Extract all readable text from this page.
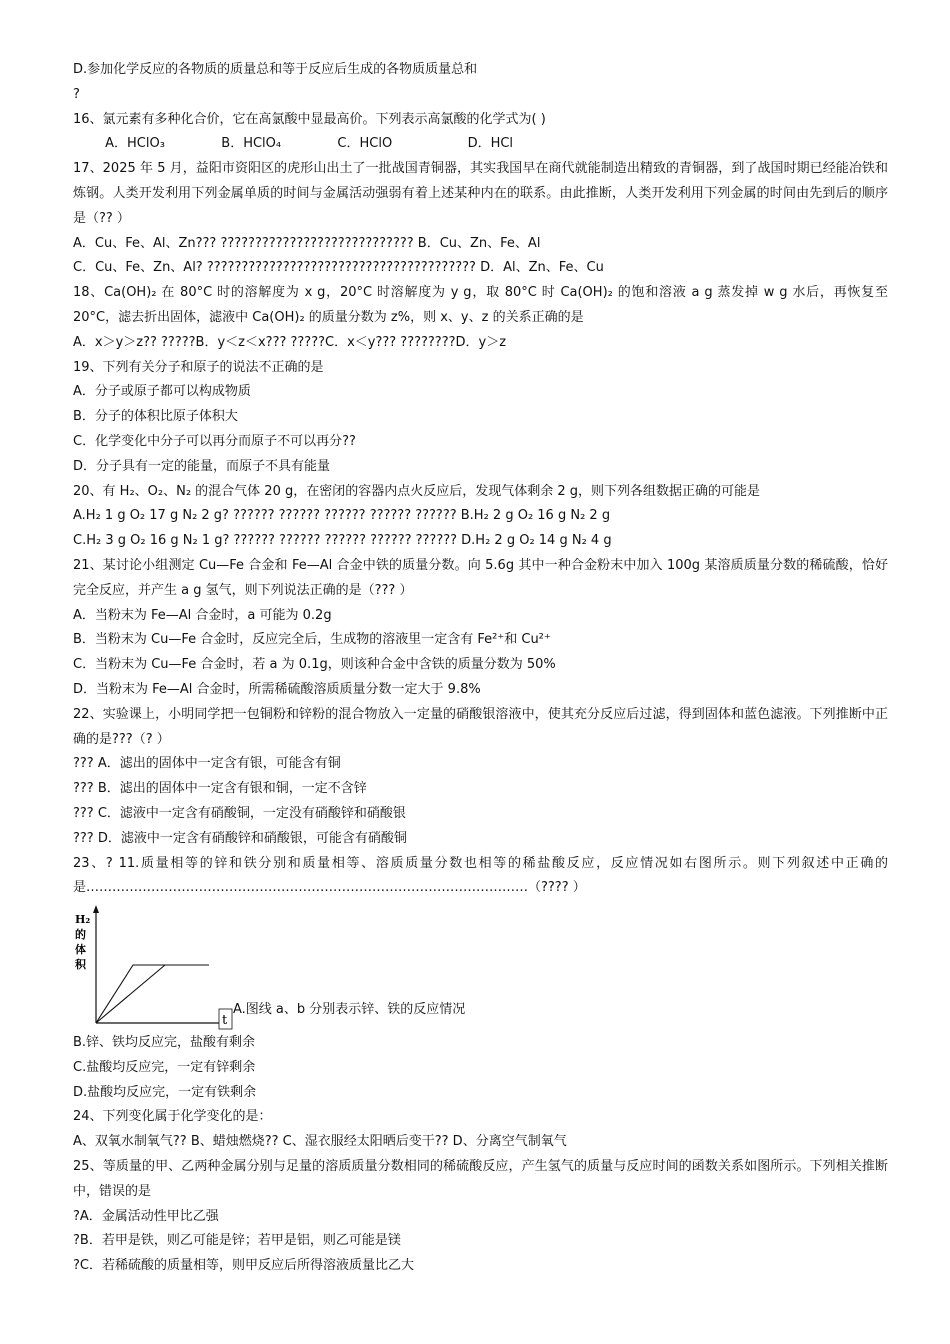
D.参加化学反应的各物质的质量总和等于反应后生成的各物质质量总和
?
16、氯元素有多种化合价，它在高氯酸中显最高价。下列表示高氯酸的化学式为( )
A．HClO₃	B．HClO₄	C．HClO	D．HCl
17、2025 年 5 月，益阳市资阳区的虎形山出土了一批战国青铜器，其实我国早在商代就能制造出精致的青铜器，到了战国时期已经能冶铁和炼钢。人类开发利用下列金属单质的时间与金属活动强弱有着上述某种内在的联系。由此推断，人类开发利用下列金属的时间由先到后的顺序是（?? ）
A．Cu、Fe、Al、Zn??? ???????????????????????????? B．Cu、Zn、Fe、Al
C．Cu、Fe、Zn、Al? ??????????????????????????????????????? D．Al、Zn、Fe、Cu
18、Ca(OH)₂ 在 80°C 时的溶解度为 x g，20°C 时溶解度为 y g，取 80°C 时 Ca(OH)₂ 的饱和溶液 a g 蒸发掉 w g 水后，再恢复至 20°C，滤去折出固体，滤液中 Ca(OH)₂ 的质量分数为 z%，则 x、y、z 的关系正确的是
A．x＞y＞z?? ?????B．y＜z＜x??? ?????C．x＜y??? ????????D．y＞z
19、下列有关分子和原子的说法不正确的是
A．分子或原子都可以构成物质
B．分子的体积比原子体积大
C．化学变化中分子可以再分而原子不可以再分??
D．分子具有一定的能量，而原子不具有能量
20、有 H₂、O₂、N₂ 的混合气体 20 g，在密闭的容器内点火反应后，发现气体剩余 2 g，则下列各组数据正确的可能是
A.H₂ 1 g O₂ 17 g N₂ 2 g? ?????? ?????? ?????? ?????? ?????? B.H₂ 2 g O₂ 16 g N₂ 2 g
C.H₂ 3 g O₂ 16 g N₂ 1 g? ?????? ?????? ?????? ?????? ?????? D.H₂ 2 g O₂ 14 g N₂ 4 g
21、某讨论小组测定 Cu—Fe 合金和 Fe—Al 合金中铁的质量分数。向 5.6g 其中一种合金粉末中加入 100g 某溶质质量分数的稀硫酸，恰好完全反应，并产生 a g 氢气，则下列说法正确的是（??? ）
A．当粉末为 Fe—Al 合金时，a 可能为 0.2g
B．当粉末为 Cu—Fe 合金时，反应完全后，生成物的溶液里一定含有 Fe²⁺和 Cu²⁺
C．当粉末为 Cu—Fe 合金时，若 a 为 0.1g，则该种合金中含铁的质量分数为 50%
D．当粉末为 Fe—Al 合金时，所需稀硫酸溶质质量分数一定大于 9.8%
22、实验课上，小明同学把一包铜粉和锌粉的混合物放入一定量的硝酸银溶液中，使其充分反应后过滤，得到固体和蓝色滤液。下列推断中正确的是???（? ）
??? A．滤出的固体中一定含有银，可能含有铜
??? B．滤出的固体中一定含有银和铜，一定不含锌
??? C．滤液中一定含有硝酸铜，一定没有硝酸锌和硝酸银
??? D．滤液中一定含有硝酸锌和硝酸银，可能含有硝酸铜
23、? 11.质量相等的锌和铁分别和质量相等、溶质质量分数也相等的稀盐酸反应，反应情况如右图所示。则下列叙述中正确的是…………………………………………………………………………………………（???? ）
H₂
的
体
积
t
A.图线 a、b 分别表示锌、铁的反应情况
B.锌、铁均反应完，盐酸有剩余
C.盐酸均反应完，一定有锌剩余
D.盐酸均反应完，一定有铁剩余
24、下列变化属于化学变化的是：
A、双氧水制氧气?? B、蜡烛燃烧?? C、湿衣服经太阳晒后变干?? D、分离空气制氧气
25、等质量的甲、乙两种金属分别与足量的溶质质量分数相同的稀硫酸反应，产生氢气的质量与反应时间的函数关系如图所示。下列相关推断中，错误的是
?A．金属活动性甲比乙强
?B．若甲是铁，则乙可能是锌；若甲是铝，则乙可能是镁
?C．若稀硫酸的质量相等，则甲反应后所得溶液质量比乙大
